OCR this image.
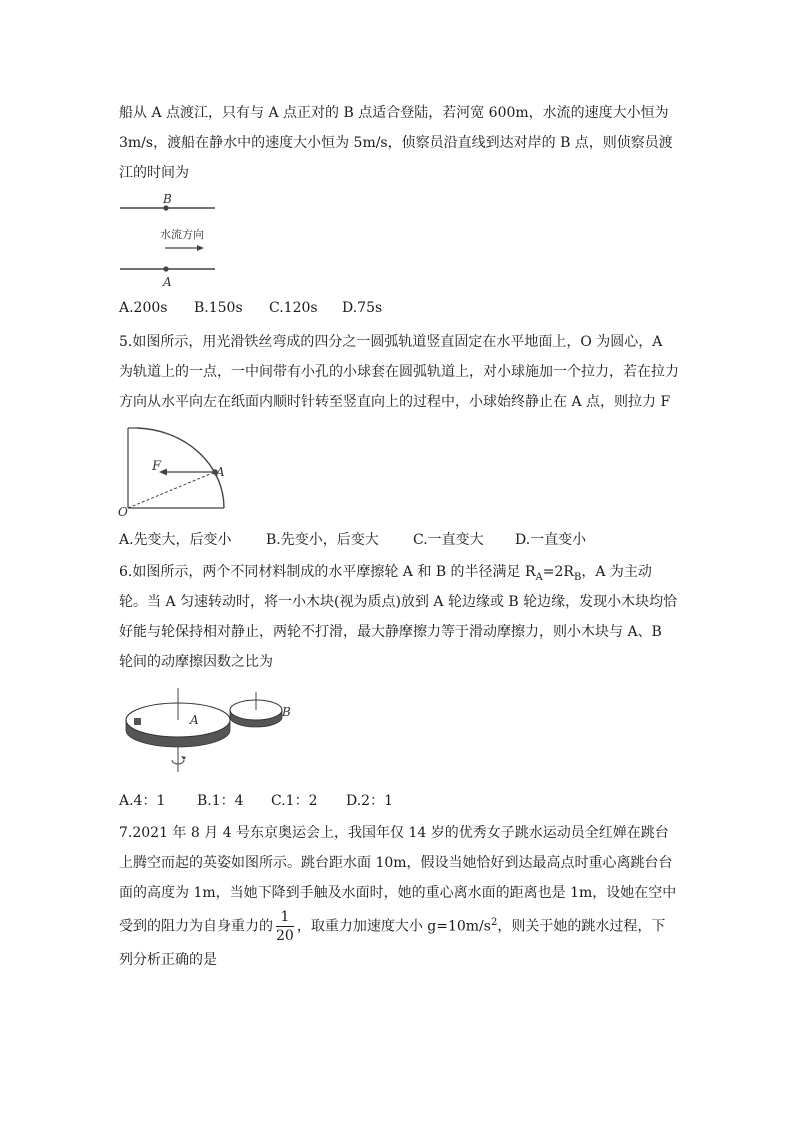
船从 A 点渡江，只有与 A 点正对的 B 点适合登陆，若河宽 600m，水流的速度大小恒为 3m/s，渡船在静水中的速度大小恒为 5m/s，侦察员沿直线到达对岸的 B 点，则侦察员渡江的时间为

B
水流方向
A
A.200s B.150s C.120s D.75s

5.如图所示，用光滑铁丝弯成的四分之一圆弧轨道竖直固定在水平地面上，O 为圆心，A 为轨道上的一点，一中间带有小孔的小球套在圆弧轨道上，对小球施加一个拉力，若在拉力方向从水平向左在纸面内顺时针转至竖直向上的过程中，小球始终静止在 A 点，则拉力 F

F	A
O
A.先变大，后变小 B.先变小，后变大 C.一直变大 D.一直变小

6.如图所示，两个不同材料制成的水平摩擦轮 A 和 B 的半径满足 $R_A=2R_B$，A 为主动轮。当 A 匀速转动时，将一小木块(视为质点)放到 A 轮边缘或 B 轮边缘，发现小木块均恰好能与轮保持相对静止，两轮不打滑，最大静摩擦力等于滑动摩擦力，则小木块与 A、B 轮间的动摩擦因数之比为

A
B
A.4：1 B.1：4 C.1：2 D.2：1

7.2021 年 8 月 4 号东京奥运会上，我国年仅 14 岁的优秀女子跳水运动员全红婵在跳台上腾空而起的英姿如图所示。跳台距水面 10m，假设当她恰好到达最高点时重心离跳台台面的高度为 1m，当她下降到手触及水面时，她的重心离水面的距离也是 1m，设她在空中受到的阻力为自身重力的 $\frac{1}{20}$ ，取重力加速度大小 $g=10m/s^2$，则关于她的跳水过程，下列分析正确的是
